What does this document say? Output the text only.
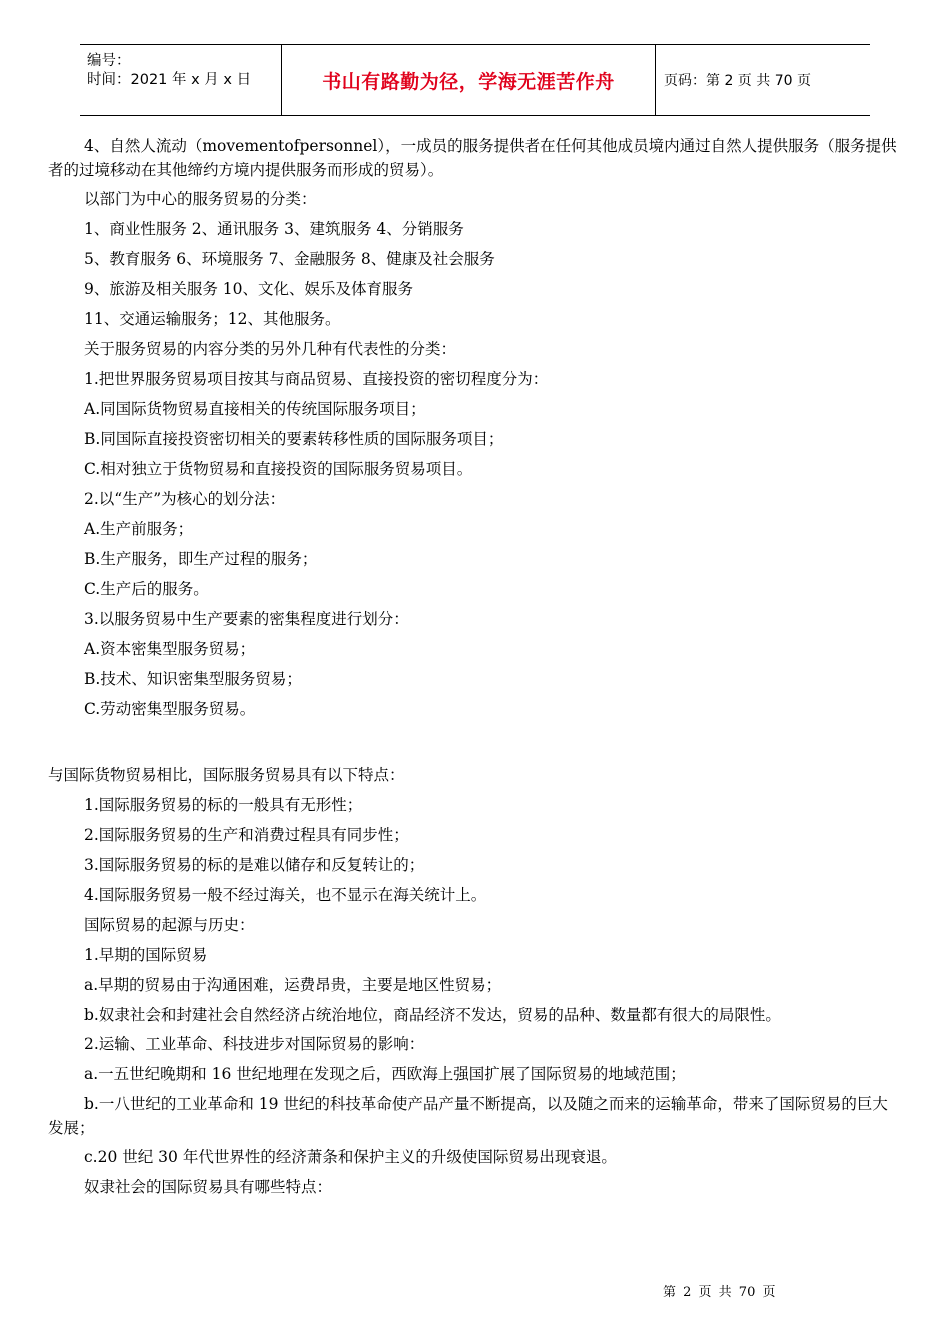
编号：
时间：2021 年 x 月 x 日	书山有路勤为径，学海无涯苦作舟	页码：第 2 页 共 70 页

4、自然人流动（movementofpersonnel），一成员的服务提供者在任何其他成员境内通过自然人提供服务（服务提供者的过境移动在其他缔约方境内提供服务而形成的贸易）。

以部门为中心的服务贸易的分类：

1、商业性服务 2、通讯服务 3、建筑服务 4、分销服务

5、教育服务 6、环境服务 7、金融服务 8、健康及社会服务

9、旅游及相关服务 10、文化、娱乐及体育服务

11、交通运输服务；12、其他服务。

关于服务贸易的内容分类的另外几种有代表性的分类：

1.把世界服务贸易项目按其与商品贸易、直接投资的密切程度分为：

A.同国际货物贸易直接相关的传统国际服务项目；

B.同国际直接投资密切相关的要素转移性质的国际服务项目；

C.相对独立于货物贸易和直接投资的国际服务贸易项目。

2.以“生产”为核心的划分法：

A.生产前服务；

B.生产服务，即生产过程的服务；

C.生产后的服务。

3.以服务贸易中生产要素的密集程度进行划分：

A.资本密集型服务贸易；

B.技术、知识密集型服务贸易；

C.劳动密集型服务贸易。

与国际货物贸易相比，国际服务贸易具有以下特点：

1.国际服务贸易的标的一般具有无形性；

2.国际服务贸易的生产和消费过程具有同步性；

3.国际服务贸易的标的是难以储存和反复转让的；

4.国际服务贸易一般不经过海关，也不显示在海关统计上。

国际贸易的起源与历史：

1.早期的国际贸易

a.早期的贸易由于沟通困难，运费昂贵，主要是地区性贸易；

b.奴隶社会和封建社会自然经济占统治地位，商品经济不发达，贸易的品种、数量都有很大的局限性。

2.运输、工业革命、科技进步对国际贸易的影响：

a.一五世纪晚期和 16 世纪地理在发现之后，西欧海上强国扩展了国际贸易的地域范围；

b.一八世纪的工业革命和 19 世纪的科技革命使产品产量不断提高，以及随之而来的运输革命，带来了国际贸易的巨大发展；

c.20 世纪 30 年代世界性的经济萧条和保护主义的升级使国际贸易出现衰退。

奴隶社会的国际贸易具有哪些特点：

第 2 页 共 70 页
